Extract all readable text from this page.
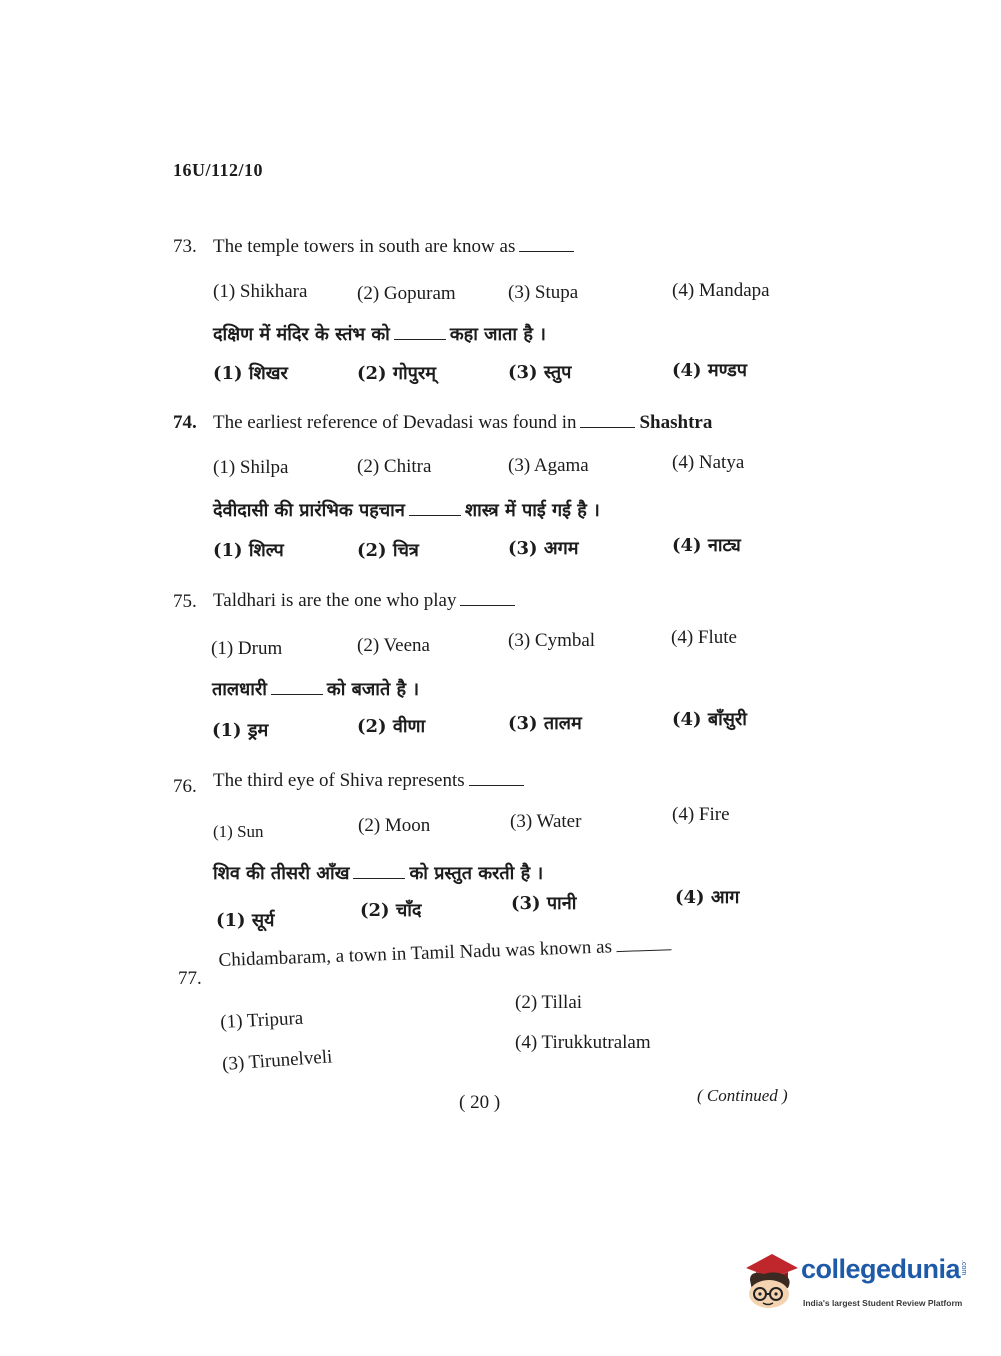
16U/112/10
73. The temple towers in south are know as
(1) Shikhara	(2) Gopuram	(3) Stupa	(4) Mandapa
दक्षिण में मंदिर के स्तंभ को	कहा जाता है ।
(1) शिखर	(2) गोपुरम्	(3) स्तुप	(4) मण्डप
74. The earliest reference of Devadasi was found in	Shashtra
(1) Shilpa	(2) Chitra	(3) Agama	(4) Natya
देवीदासी की प्रारंभिक पहचान	शास्त्र में पाई गई है ।
(1) शिल्प	(2) चित्र	(3) अगम	(4) नाट्य
75. Taldhari is are the one who play
(1) Drum	(2) Veena	(3) Cymbal	(4) Flute
तालधारी	को बजाते है ।
(1) ड्रम	(2) वीणा	(3) तालम	(4) बाँसुरी
76. The third eye of Shiva represents
(1) Sun	(2) Moon	(3) Water	(4) Fire
शिव की तीसरी आँख	को प्रस्तुत करती है ।
(1) सूर्य	(2) चाँद	(3) पानी	(4) आग
77.
Chidambaram, a town in Tamil Nadu was known as
(1) Tripura
(2) Tillai
(3) Tirunelveli
(4) Tirukkutralam
( 20 )	( Continued )
collegedunia .com
India's largest Student Review Platform
